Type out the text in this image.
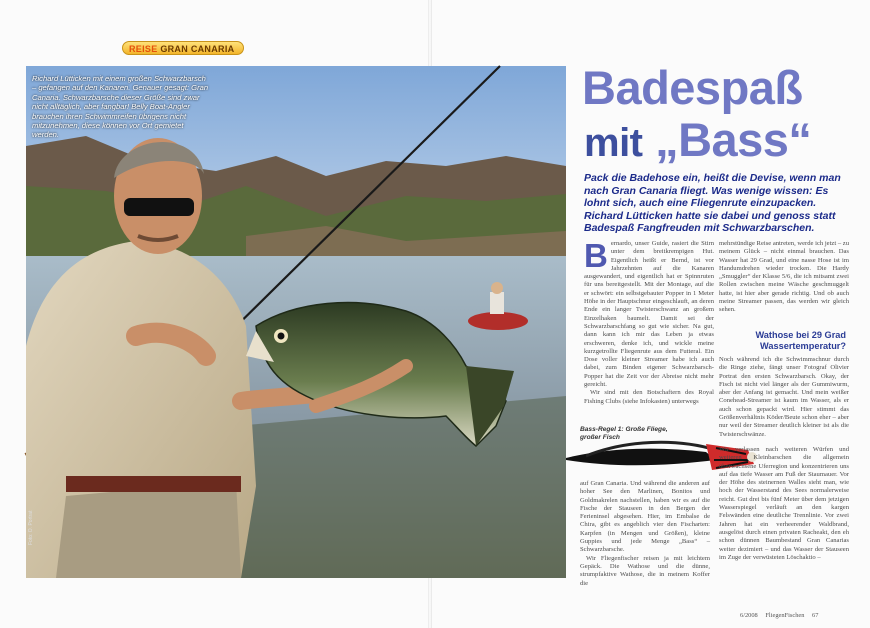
REISE GRAN CANARIA
Richard Lütticken mit einem großen Schwarzbarsch – gefangen auf den Kanaren. Genauer gesagt: Gran Canaria. Schwarzbarsche dieser Größe sind zwar nicht alltäglich, aber fangbar! Belly Boat-Angler brauchen ihren Schwimmreifen übrigens nicht mitzunehmen, diese können vor Ort gemietet werden.
Foto: O. Portrat
Badespaß
mit „Bass“
Pack die Badehose ein, heißt die Devise, wenn man nach Gran Canaria fliegt. Was wenige wissen: Es lohnt sich, auch eine Fliegenrute einzupacken. Richard Lütticken hatte sie dabei und genoss statt Badespaß Fangfreuden mit Schwarzbarschen.
B ernardo, unser Guide, rasiert die Stirn unter dem breitkrempigen Hut. Eigentlich heißt er Bernd, ist vor Jahrzehnten auf die Kanaren ausgewandert, und eigentlich hat er Spinnruten für uns bereitgestellt. Mit der Montage, auf die er schwört: ein selbstgebauter Popper in 1 Meter Höhe in der Hauptschnur eingeschlauft, an deren Ende ein langer Twisterschwanz an großem Einzelhaken baumelt. Damit sei der Schwarzbarschfang so gut wie sicher. Na gut, dann kann ich mir das Leben ja etwas erschweren, denke ich, und wickle meine kurzgetrollte Fliegenrute aus dem Futteral. Ein Dose voller kleiner Streamer habe ich auch dabei, zum Binden eigener Schwarzbarsch-Popper hat die Zeit vor der Abreise nicht mehr gereicht.

Wir sind mit den Botschaftern des Royal Fishing Clubs (siehe Infokasten) unterwegs

Bass-Regel 1: Große Fliege, großer Fisch

auf Gran Canaria. Und während die anderen auf hoher See den Marlinen, Bonitos und Goldmakrelen nachstellen, haben wir es auf die Fische der Stauseen in den Bergen der Ferieninsel abgesehen. Hier, im Embalse de Chira, gibt es angeblich vier den Fischarten: Karpfen (in Mengen und Größen), kleine Guppies und jede Menge „Bass“ – Schwarzbarsche.

Wir Fliegenfischer reisen ja mit leichtem Gepäck. Die Wathose und die dünne, strumpfaktive Wathose, die in meinem Koffer die

mehrstündige Reise antreten, werde ich jetzt – zu meinem Glück – nicht einmal brauchen. Das Wasser hat 29 Grad, und eine nasse Hose ist im Handumdrehen wieder trocken. Die Hardy „Smuggler“ der Klasse 5/6, die ich mitsamt zwei Rollen zwischen meine Wäsche geschmuggelt hatte, ist hier aber gerade richtig. Und ob auch meine Streamer passen, das werden wir gleich sehen.

Wathose bei 29 Grad Wassertemperatur?

Noch während ich die Schwimmschnur durch die Ringe ziehe, fängt unser Fotograf Olivier Portrat den ersten Schwarzbarsch. Okay, der Fisch ist nicht viel länger als der Gummiwurm, aber der Anfang ist gemacht. Und mein weißer Conehead-Streamer ist kaum im Wasser, als er auch schon gepackt wird. Hier stimmt das Größenverhältnis Köder/Beute schon eher – aber nur weil der Streamer deutlich kleiner ist als die Twisterschwänze.

Wir verlassen nach weiteren Würfen und weiteren Kleinbarschen die allgemein überwachsene Uferregion und konzentrieren uns auf das tiefe Wasser am Fuß der Staumauer. Vor der Höhe des steinernen Walles sieht man, wie hoch der Wasserstand des Sees normalerweise reicht. Gut drei bis fünf Meter über dem jetzigen Wasserspiegel verläuft an den kargen Felswänden eine deutliche Trennlinie. Vor zwei Jahren hat ein verheerender Waldbrand, ausgelöst durch einen privaten Racheakt, den eh schon dünnen Baumbestand Gran Canarias weiter dezimiert – und das Wasser der Stauseen im Zuge der verwüsteten Löschaktio –

6/2008 FliegenFischen 67
